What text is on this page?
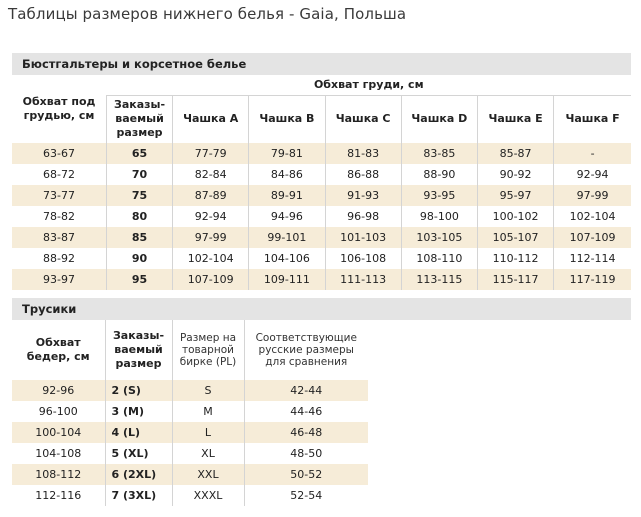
Таблицы размеров нижнего белья - Gaia, Польша
Бюстгальтеры и корсетное белье
Обхват под грудью, см	Обхват груди, см						
	Заказы-ваемый размер	Чашка A	Чашка B	Чашка C	Чашка D	Чашка E	Чашка F
63-67	65	77-79	79-81	81-83	83-85	85-87	-
68-72	70	82-84	84-86	86-88	88-90	90-92	92-94
73-77	75	87-89	89-91	91-93	93-95	95-97	97-99
78-82	80	92-94	94-96	96-98	98-100	100-102	102-104
83-87	85	97-99	99-101	101-103	103-105	105-107	107-109
88-92	90	102-104	104-106	106-108	108-110	110-112	112-114
93-97	95	107-109	109-111	111-113	113-115	115-117	117-119
Трусики
Обхват бедер, см	Заказы-ваемый размер	Размер на товарной бирке (PL)	Соответствующие русские размеры для сравнения
92-96	2 (S)	S	42-44
96-100	3 (M)	M	44-46
100-104	4 (L)	L	46-48
104-108	5 (XL)	XL	48-50
108-112	6 (2XL)	XXL	50-52
112-116	7 (3XL)	XXXL	52-54
